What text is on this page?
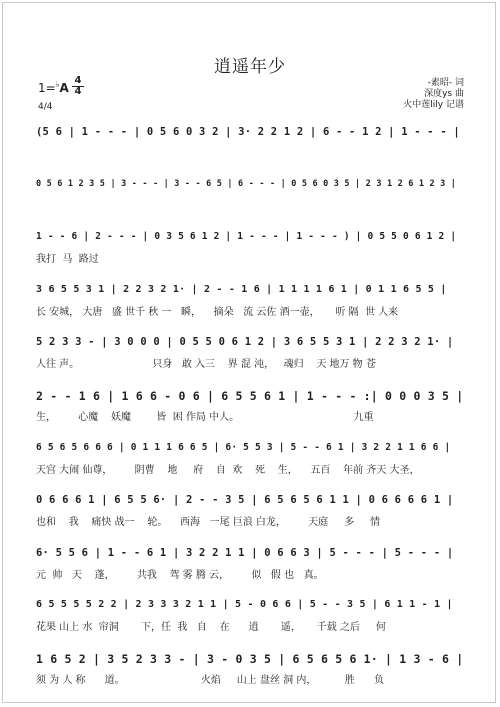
逍遥年少
1=♭A
4
4
4/4
-素昭- 词
深度ys 曲
火中莲lily 记谱
(5 6 | 1 - - - | 0 5 6 0 3 2 | 3· 2 2 1 2 | 6 - - 1 2 | 1 - - - |
0 5 6 1 2 3 5 | 3 - - - | 3 - - 6 5 | 6 - - - | 0 5 6 0 3 5 | 2 3 1 2 6 1 2 3 |
1 - - 6 | 2 - - - | 0 3 5 6 1 2 | 1 - - - | 1 - - - ) | 0 5 5 0 6 1 2 |
我打  马  路过
3 6 5 5 3 1 | 2 2 3 2 1· | 2 - - 1 6 | 1 1 1 1 6 1 | 0 1 1 6 5 5 |
长 安城， 大唐   盛 世千 秋 一   瞬，    摘朵   流 云佐 酒一壶，     听 隔  世 人来
5 2 3 3 - | 3 0 0 0 | 0 5 5 0 6 1 2 | 3 6 5 5 3 1 | 2 2 3 2 1· |
人往 声。                       只身   敢 入三    界 混 沌，   魂归    天 地万 物 苍
2 - - 1 6 | 1 6 6 - 0 6 | 6 5 5 6 1 | 1 - - - :| 0 0 0 3 5 |
生，       心魔    妖魔        皆  困 作局 中人。                                    九重
6 5 6 5 6 6 6 | 0 1 1 1 6 6 5 | 6· 5 5 3 | 5 - - 6 1 | 3 2 2 1 1 6 6 |
天宫 大闹 仙尊，       阴曹    地     府    自  欢    死    生，    五百    年前 齐天 大圣，
0 6 6 6 1 | 6 5 5 6· | 2 - - 3 5 | 6 5 6 5 6 1 1 | 0 6 6 6 6 1 |
也和    我    痛快 战一    轮。    西海   一尾 巨浪 白龙，       天庭     多     情
6· 5 5 6 | 1 - - 6 1 | 3 2 2 1 1 | 0 6 6 3 | 5 - - - | 5 - - - |
元  帅   天    蓬，       共我    驾 雾 腾 云，       似   假 也   真。
6 5 5 5 5 2 2 | 2 3 3 3 2 1 1 | 5 - 0 6 6 | 5 - - 3 5 | 6 1 1 - 1 |
花果 山上 水  帘洞       下，任  我   自    在      逍       遥，     千载 之后     何
1 6 5 2 | 3 5 2 3 3 - | 3 - 0 3 5 | 6 5 6 5 6 1· | 1 3 - 6 |
须 为 人 称      道。                        火焰     山上 盘丝 洞 内，         胜      负
